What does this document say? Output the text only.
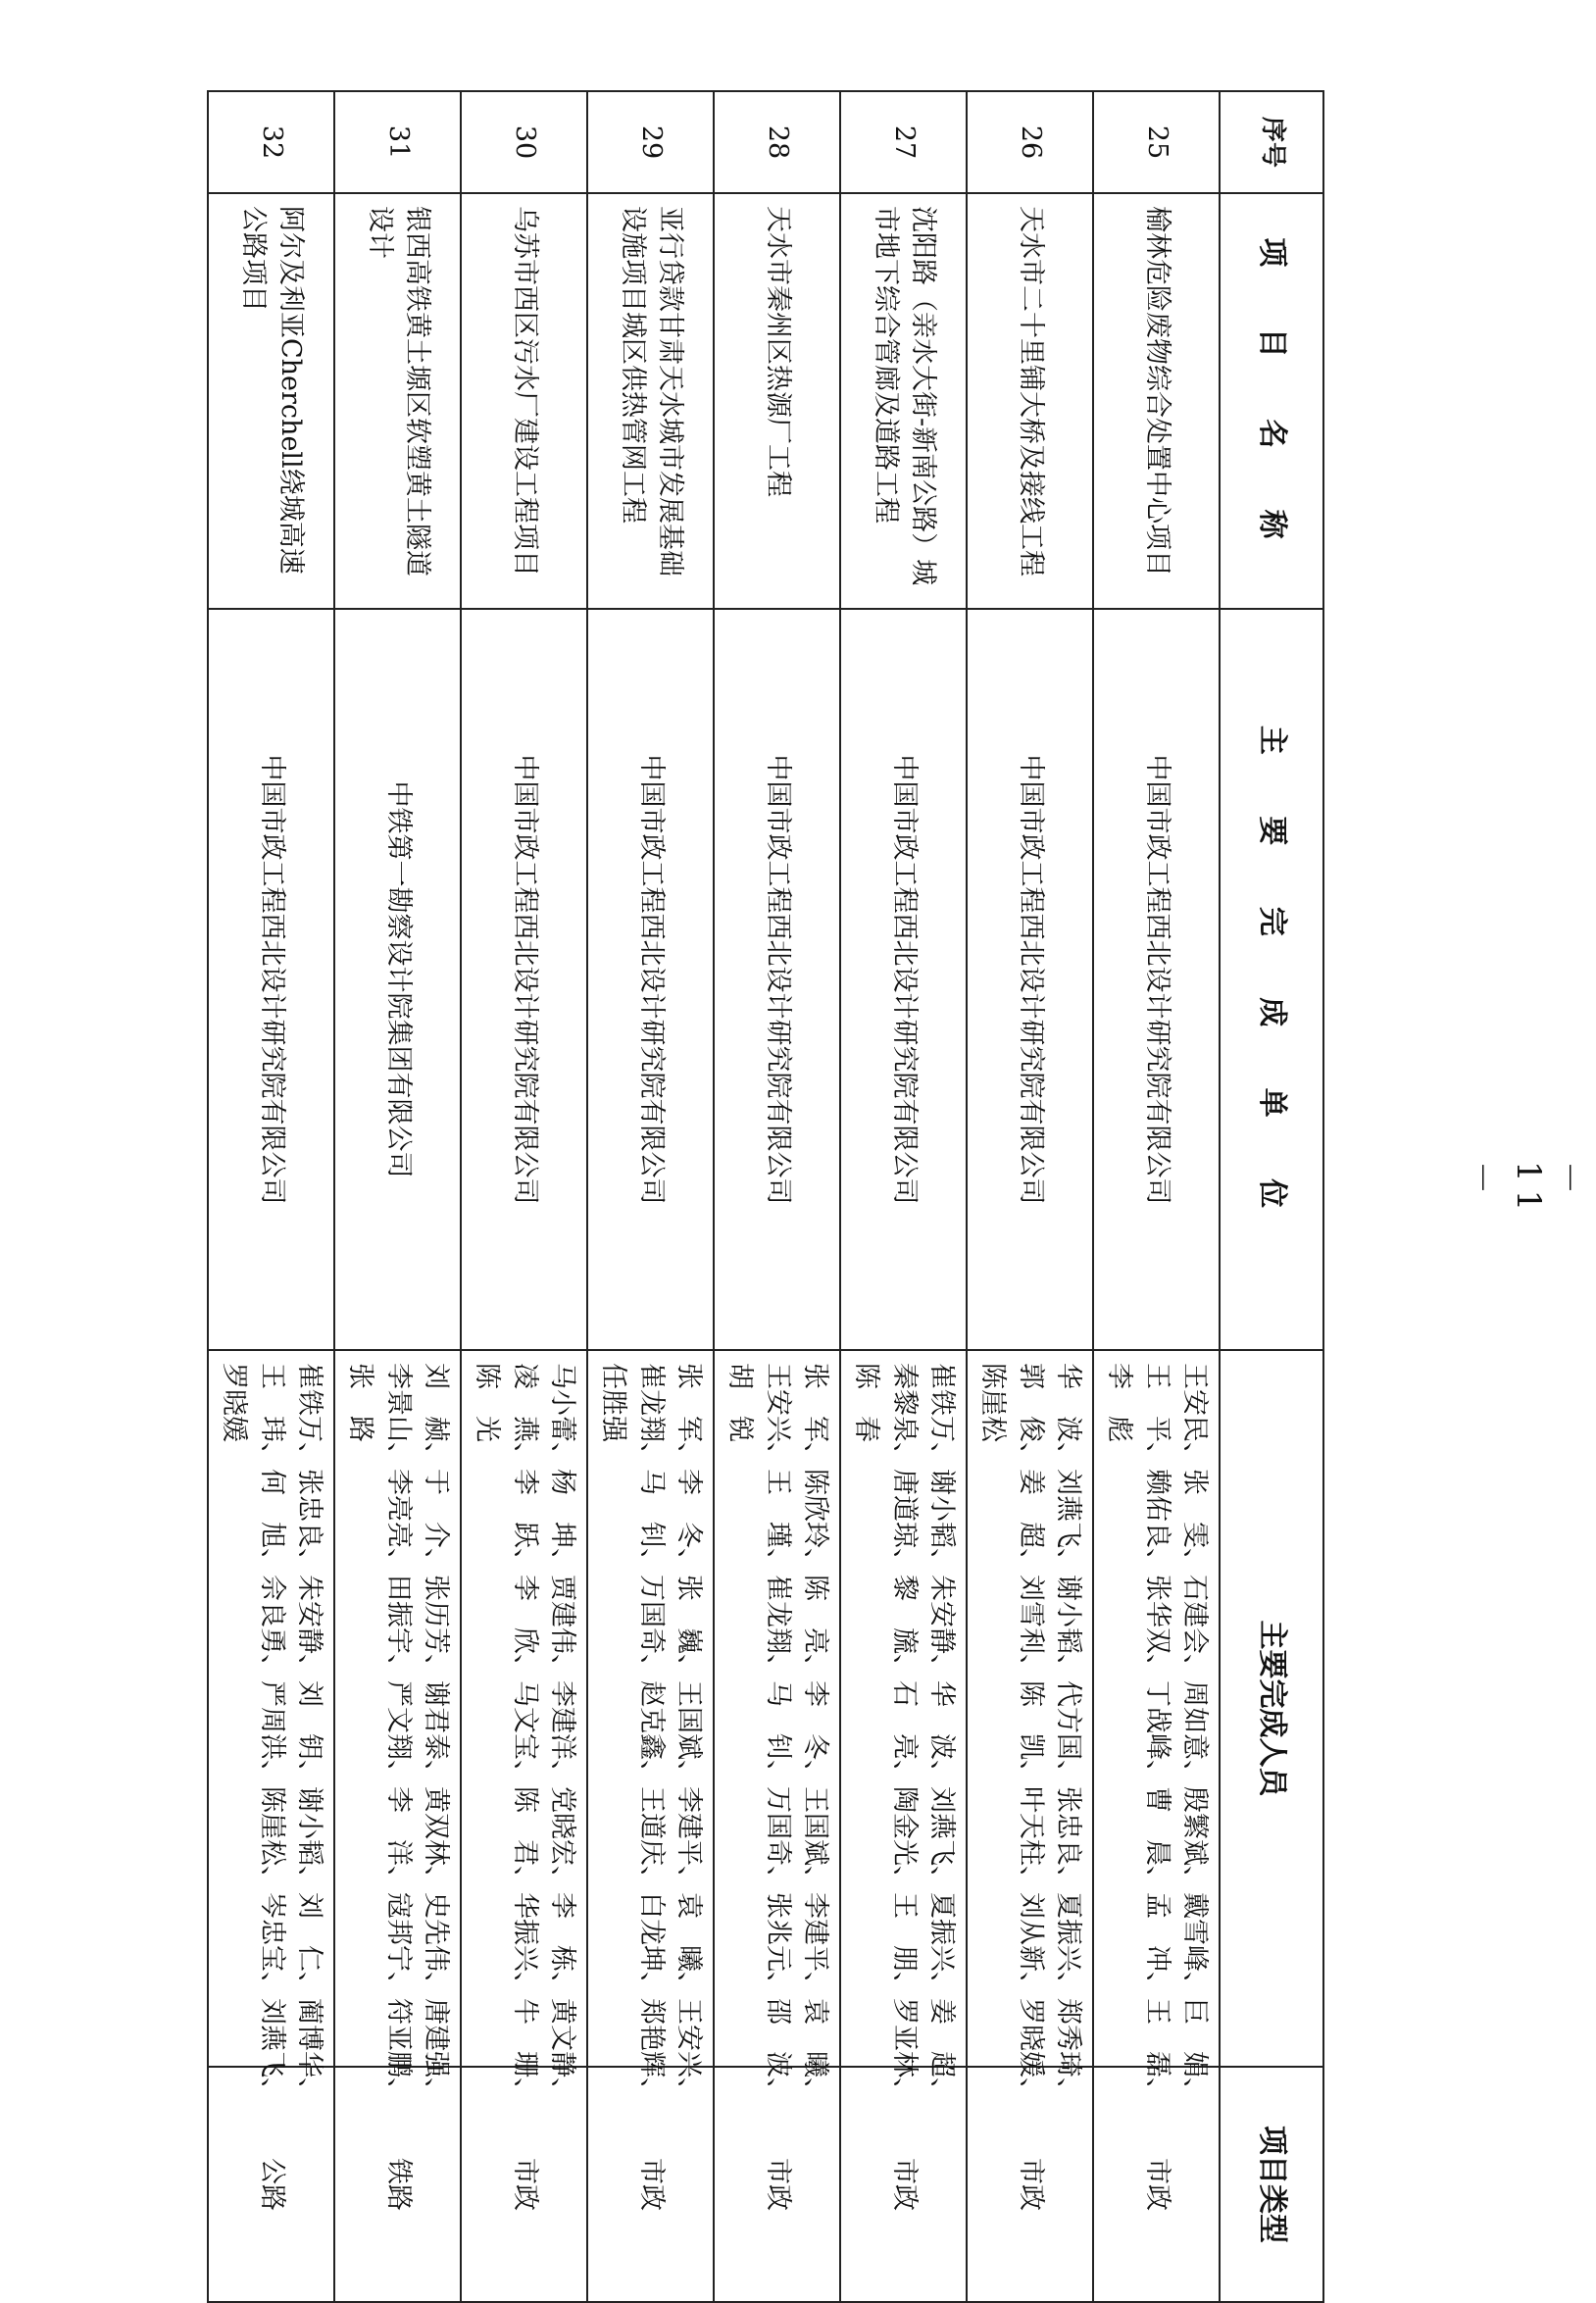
序号	项 目 名 称	主 要 完 成 单 位	主要完成人员	项目类型
25	榆林危险废物综合处置中心项目	中国市政工程西北设计研究院有限公司	王安民、张　雯、石建会、周如意、殷繁斌、戴雪峰、巨　娟、
王　平、赖佑良、张华双、丁战峰、曹　晨、孟　冲、王　磊、
李　彪	市政
26	天水市二十里铺大桥及接线工程	中国市政工程西北设计研究院有限公司	华　波、刘燕飞、谢小韬、代方国、张忠良、夏振兴、郑秀琦、
郭　俊、姜　超、刘雪利、陈　凯、叶天柱、刘从新、罗晓媛、
陈崖松	市政
27	沈阳路（亲水大街-新南公路）城市地下综合管廊及道路工程	中国市政工程西北设计研究院有限公司	崔铁万、谢小韬、朱安静、华　波、刘燕飞、夏振兴、姜　超、
秦黎泉、唐道琼、黎　旒、石　亮、陶金光、王　朋、罗亚林、
陈　春	市政
28	天水市秦州区热源厂工程	中国市政工程西北设计研究院有限公司	张　军、陈欣玲、陈　亮、李　冬、王国斌、李建平、袁　曦、
王安兴、王　瑾、崔龙翔、马　钊、万国奇、张兆元、邵　波、
胡　锐	市政
29	亚行贷款甘肃天水城市发展基础设施项目城区供热管网工程	中国市政工程西北设计研究院有限公司	张　军、李　冬、张　巍、王国斌、李建平、袁　曦、王安兴、
崔龙翔、马　钊、万国奇、赵克鑫、王道庆、白龙坤、郑艳辉、
任胜强	市政
30	乌苏市西区污水厂建设工程项目	中国市政工程西北设计研究院有限公司	马小蕾、杨　坤、贾建伟、李建洋、党晓宏、李　栋、黄文静、
凌　燕、李　跃、李　欣、马文宝、陈　君、华振兴、牛　珊、
陈　光	市政
31	银西高铁黄土塬区软塑黄土隧道设计	中铁第一勘察设计院集团有限公司	刘　赪、于　介、张历芳、谢君泰、黄双林、史先伟、唐建强、
李景山、李亮亮、田振宇、严文翔、李　洋、寇邦宁、符亚鹏、
张　路	铁路
32	阿尔及利亚Cherchell绕城高速公路项目	中国市政工程西北设计研究院有限公司	崔铁万、张忠良、朱安静、刘　钥、谢小韬、刘　仁、蔺博华、
王　玮、何　旭、佘良勇、严周洪、陈崖松、岑忠宝、刘燕飞、
罗晓媛	公路
－ 11 －
